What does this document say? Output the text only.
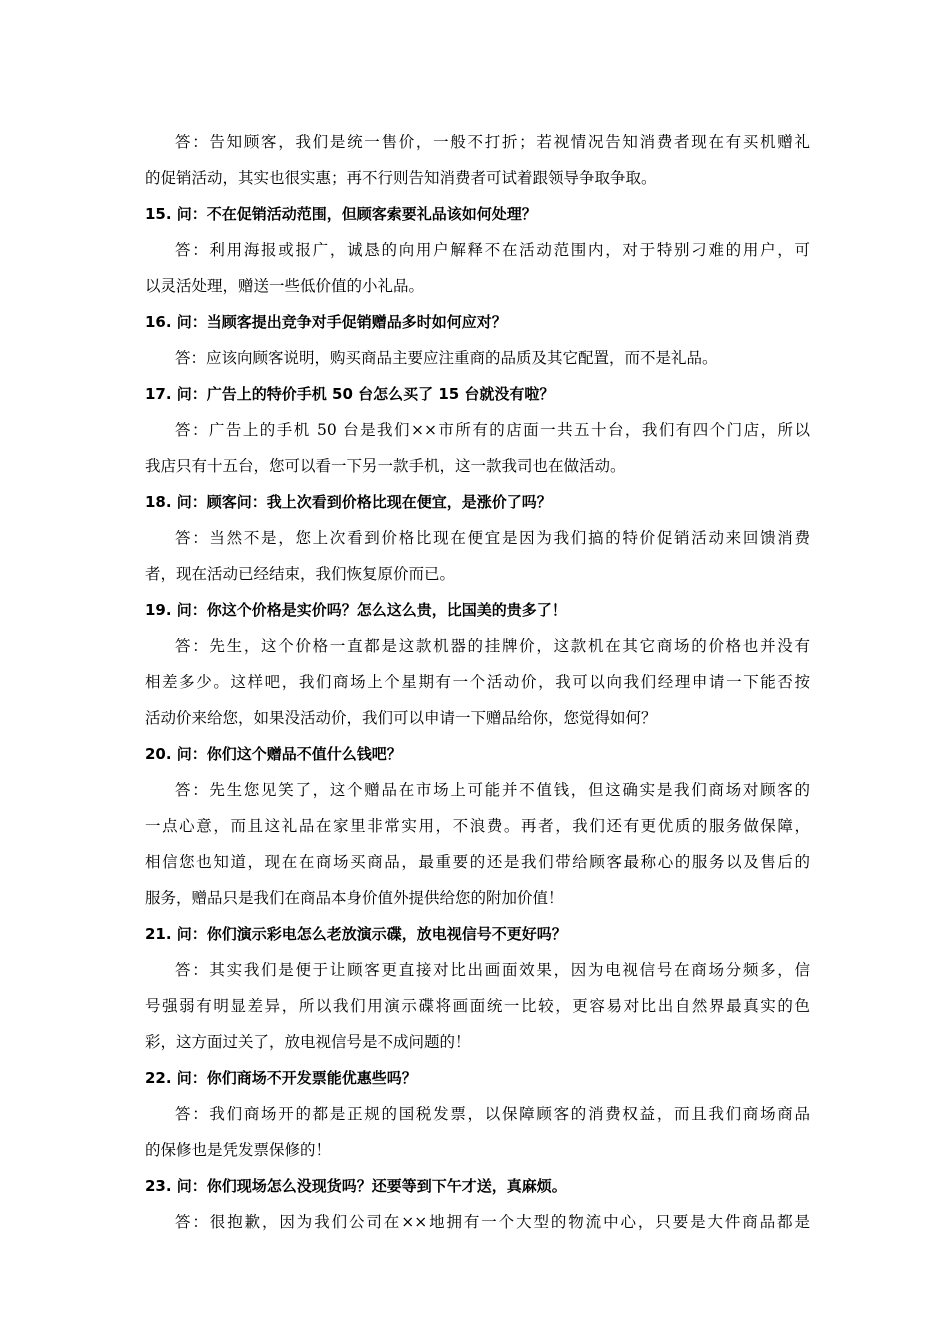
答：告知顾客，我们是统一售价，一般不打折；若视情况告知消费者现在有买机赠礼
的促销活动，其实也很实惠；再不行则告知消费者可试着跟领导争取争取。
15. 问：不在促销活动范围，但顾客索要礼品该如何处理？
答：利用海报或报广，诚恳的向用户解释不在活动范围内，对于特别刁难的用户，可
以灵活处理，赠送一些低价值的小礼品。
16. 问：当顾客提出竞争对手促销赠品多时如何应对？
答：应该向顾客说明，购买商品主要应注重商的品质及其它配置，而不是礼品。
17. 问：广告上的特价手机 50 台怎么买了 15 台就没有啦？
答：广告上的手机 50 台是我们××市所有的店面一共五十台，我们有四个门店，所以
我店只有十五台，您可以看一下另一款手机，这一款我司也在做活动。
18. 问：顾客问：我上次看到价格比现在便宜，是涨价了吗？
答：当然不是，您上次看到价格比现在便宜是因为我们搞的特价促销活动来回馈消费
者，现在活动已经结束，我们恢复原价而已。
19. 问：你这个价格是实价吗？怎么这么贵，比国美的贵多了！
答：先生，这个价格一直都是这款机器的挂牌价，这款机在其它商场的价格也并没有
相差多少。这样吧，我们商场上个星期有一个活动价，我可以向我们经理申请一下能否按
活动价来给您，如果没活动价，我们可以申请一下赠品给你，您觉得如何？
20. 问：你们这个赠品不值什么钱吧？
答：先生您见笑了，这个赠品在市场上可能并不值钱，但这确实是我们商场对顾客的
一点心意，而且这礼品在家里非常实用，不浪费。再者，我们还有更优质的服务做保障，
相信您也知道，现在在商场买商品，最重要的还是我们带给顾客最称心的服务以及售后的
服务，赠品只是我们在商品本身价值外提供给您的附加价值！
21. 问：你们演示彩电怎么老放演示碟，放电视信号不更好吗？
答：其实我们是便于让顾客更直接对比出画面效果，因为电视信号在商场分频多，信
号强弱有明显差异，所以我们用演示碟将画面统一比较，更容易对比出自然界最真实的色
彩，这方面过关了，放电视信号是不成问题的！
22. 问：你们商场不开发票能优惠些吗？
答：我们商场开的都是正规的国税发票，以保障顾客的消费权益，而且我们商场商品
的保修也是凭发票保修的！
23. 问：你们现场怎么没现货吗？还要等到下午才送，真麻烦。
答：很抱歉，因为我们公司在××地拥有一个大型的物流中心，只要是大件商品都是
